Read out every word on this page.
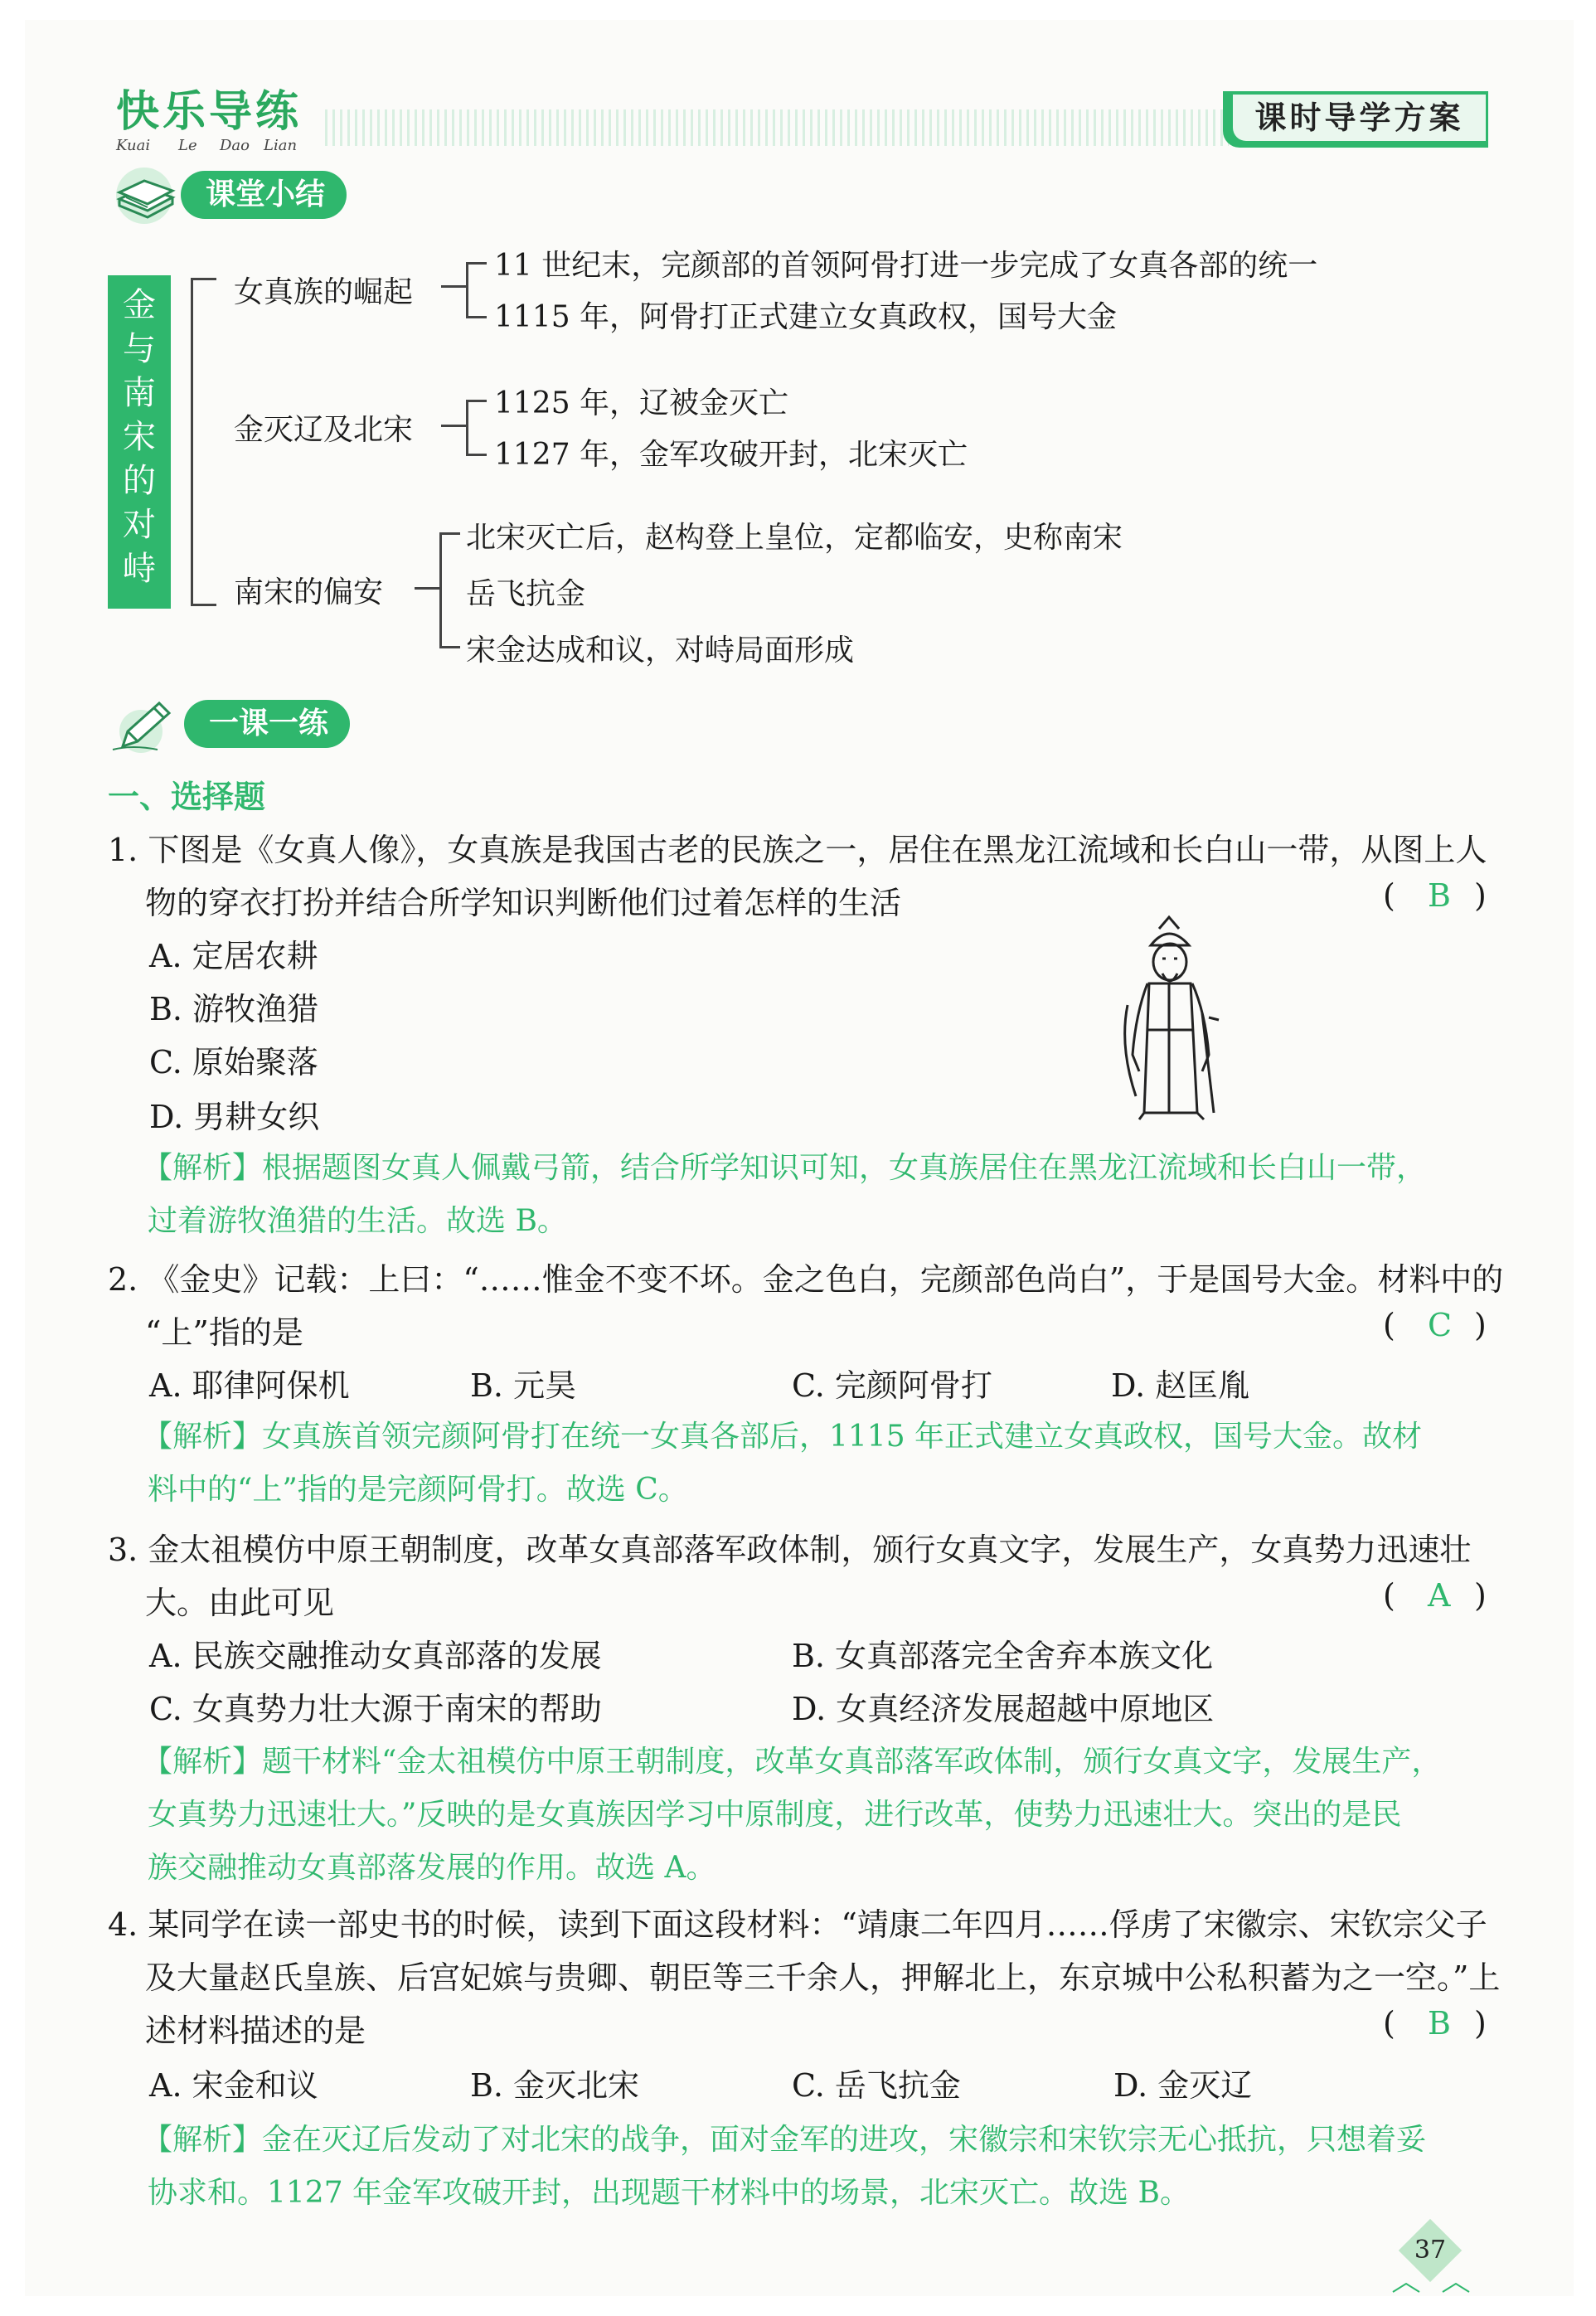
快乐导练
Kuai Le Dao Lian
课时导学方案
课堂小结
金与南宋的对峙
女真族的崛起
11 世纪末，完颜部的首领阿骨打进一步完成了女真各部的统一
1115 年，阿骨打正式建立女真政权，国号大金
金灭辽及北宋
1125 年，辽被金灭亡
1127 年，金军攻破开封，北宋灭亡
南宋的偏安
北宋灭亡后，赵构登上皇位，定都临安，史称南宋
岳飞抗金
宋金达成和议，对峙局面形成
一课一练
一、选择题
1. 下图是《女真人像》，女真族是我国古老的民族之一，居住在黑龙江流域和长白山一带，从图上人
物的穿衣打扮并结合所学知识判断他们过着怎样的生活	( B )
A. 定居农耕
B. 游牧渔猎
C. 原始聚落
D. 男耕女织
【解析】根据题图女真人佩戴弓箭，结合所学知识可知，女真族居住在黑龙江流域和长白山一带，
过着游牧渔猎的生活。故选 B。
2. 《金史》记载：上曰：“……惟金不变不坏。金之色白，完颜部色尚白”，于是国号大金。材料中的
“上”指的是	( C )
A. 耶律阿保机	B. 元昊	C. 完颜阿骨打	D. 赵匡胤
【解析】女真族首领完颜阿骨打在统一女真各部后，1115 年正式建立女真政权，国号大金。故材
料中的“上”指的是完颜阿骨打。故选 C。
3. 金太祖模仿中原王朝制度，改革女真部落军政体制，颁行女真文字，发展生产，女真势力迅速壮
大。由此可见	( A )
A. 民族交融推动女真部落的发展	B. 女真部落完全舍弃本族文化
C. 女真势力壮大源于南宋的帮助	D. 女真经济发展超越中原地区
【解析】题干材料“金太祖模仿中原王朝制度，改革女真部落军政体制，颁行女真文字，发展生产，
女真势力迅速壮大。”反映的是女真族因学习中原制度，进行改革，使势力迅速壮大。突出的是民
族交融推动女真部落发展的作用。故选 A。
4. 某同学在读一部史书的时候，读到下面这段材料：“靖康二年四月……俘虏了宋徽宗、宋钦宗父子
及大量赵氏皇族、后宫妃嫔与贵卿、朝臣等三千余人，押解北上，东京城中公私积蓄为之一空。”上
述材料描述的是	( B )
A. 宋金和议	B. 金灭北宋	C. 岳飞抗金	D. 金灭辽
【解析】金在灭辽后发动了对北宋的战争，面对金军的进攻，宋徽宗和宋钦宗无心抵抗，只想着妥
协求和。1127 年金军攻破开封，出现题干材料中的场景，北宋灭亡。故选 B。
37
